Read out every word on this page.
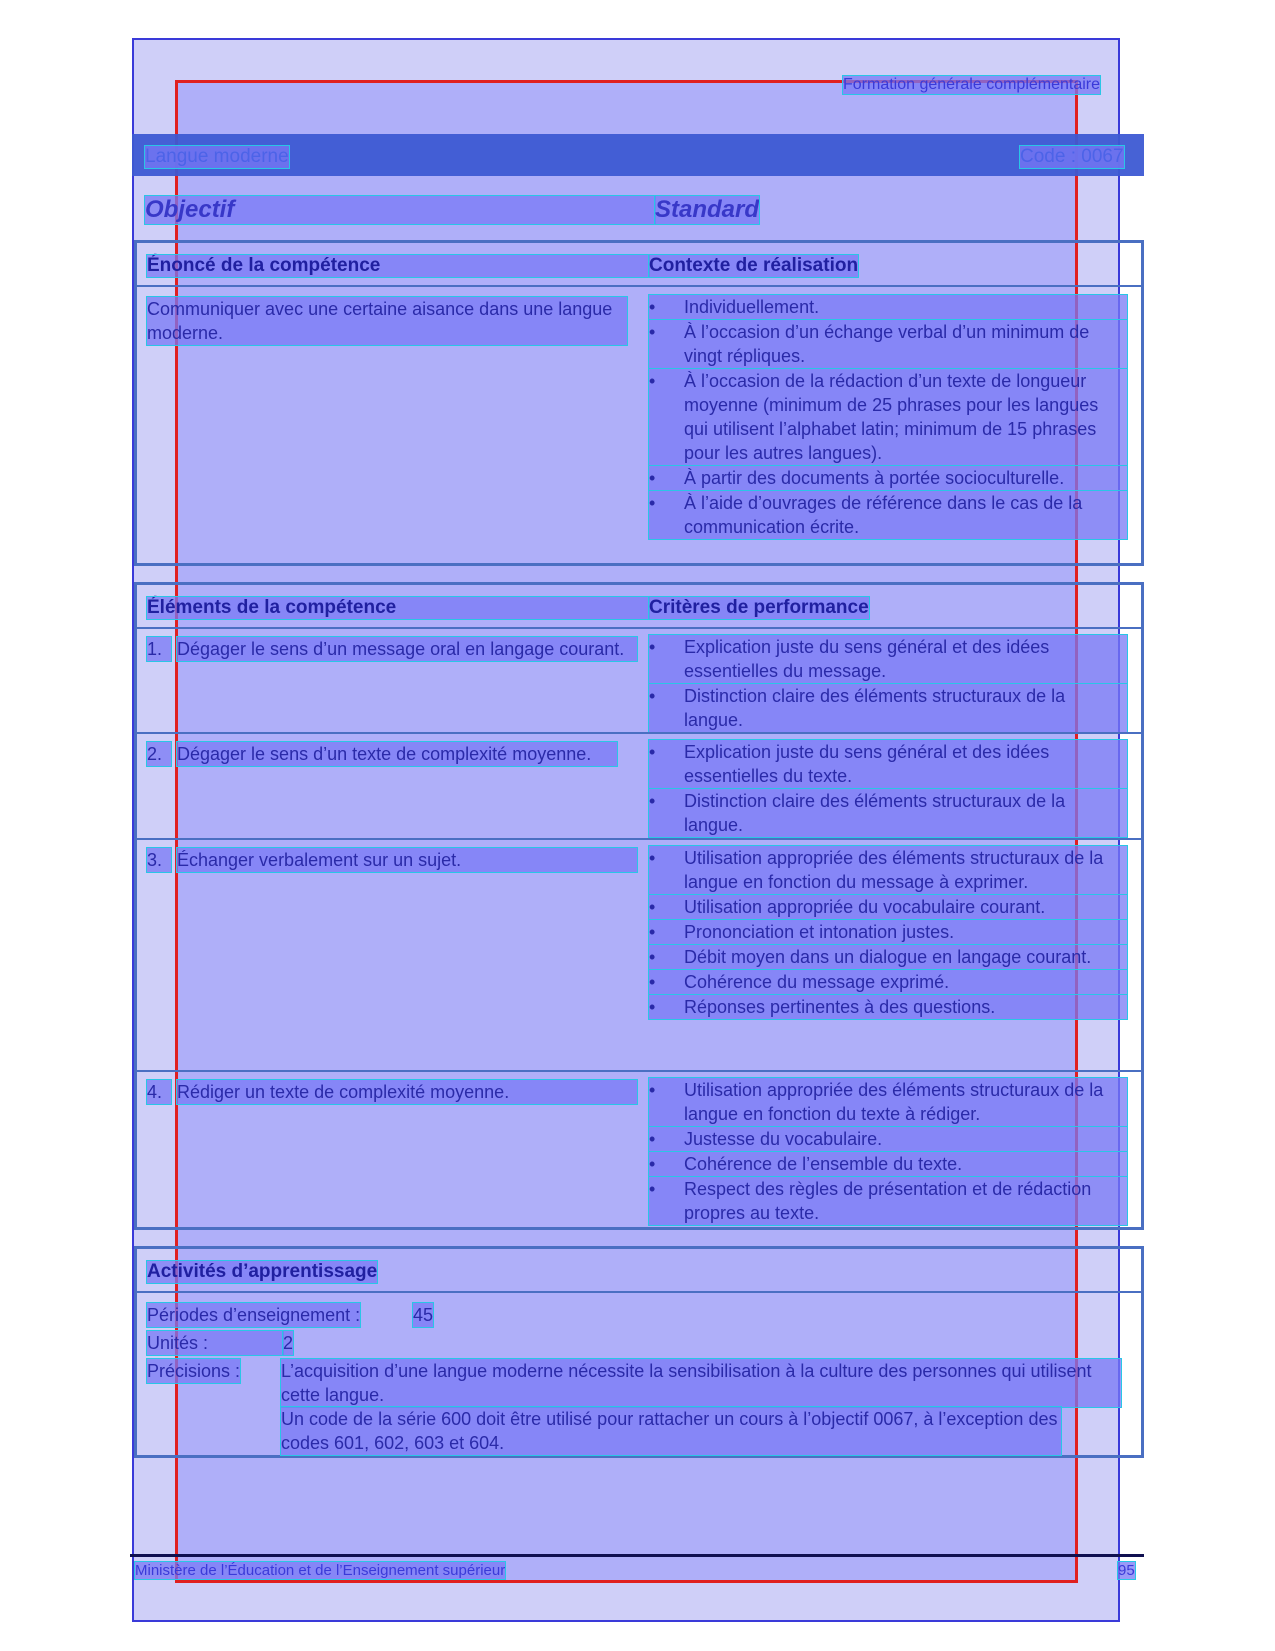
Formation générale complémentaire
Langue moderne	Code : 0067
Objectif	Standard
Énoncé de la compétence	Contexte de réalisation
Communiquer avec une certaine aisance dans une langue moderne.
• Individuellement.
• À l’occasion d’un échange verbal d’un minimum de vingt répliques.
• À l’occasion de la rédaction d’un texte de longueur moyenne (minimum de 25 phrases pour les langues qui utilisent l’alphabet latin; minimum de 15 phrases pour les autres langues).
• À partir des documents à portée socioculturelle.
• À l’aide d’ouvrages de référence dans le cas de la communication écrite.
Éléments de la compétence	Critères de performance
1. Dégager le sens d’un message oral en langage courant.	• Explication juste du sens général et des idées essentielles du message.
• Distinction claire des éléments structuraux de la langue.
2. Dégager le sens d’un texte de complexité moyenne.	• Explication juste du sens général et des idées essentielles du texte.
• Distinction claire des éléments structuraux de la langue.
3. Échanger verbalement sur un sujet.	• Utilisation appropriée des éléments structuraux de la langue en fonction du message à exprimer.
• Utilisation appropriée du vocabulaire courant.
• Prononciation et intonation justes.
• Débit moyen dans un dialogue en langage courant.
• Cohérence du message exprimé.
• Réponses pertinentes à des questions.
4. Rédiger un texte de complexité moyenne.	• Utilisation appropriée des éléments structuraux de la langue en fonction du texte à rédiger.
• Justesse du vocabulaire.
• Cohérence de l’ensemble du texte.
• Respect des règles de présentation et de rédaction propres au texte.
Activités d’apprentissage
Périodes d’enseignement :	45
Unités :	2
Précisions : L’acquisition d’une langue moderne nécessite la sensibilisation à la culture des personnes qui utilisent cette langue.
Un code de la série 600 doit être utilisé pour rattacher un cours à l’objectif 0067, à l’exception des codes 601, 602, 603 et 604.
Ministère de l’Éducation et de l’Enseignement supérieur	95
